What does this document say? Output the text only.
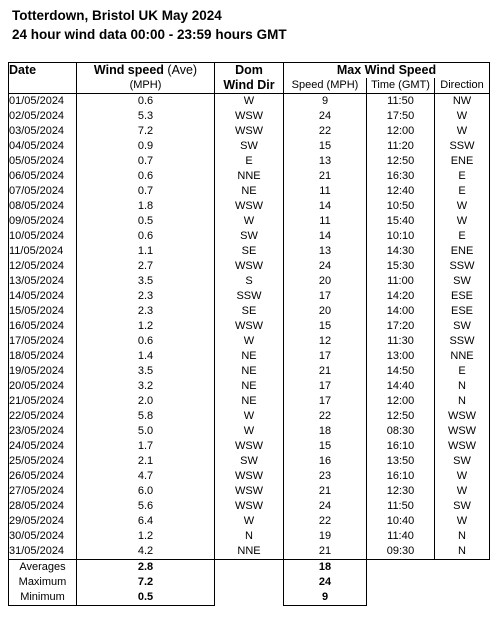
Totterdown, Bristol UK May 2024
24 hour wind data 00:00 - 23:59 hours GMT
Date	Wind speed (Ave)	Dom	Max Wind Speed		
	(MPH)	Wind Dir	Speed (MPH)	Time (GMT)	Direction
01/05/2024	0.6	W	9	11:50	NW
02/05/2024	5.3	WSW	24	17:50	W
03/05/2024	7.2	WSW	22	12:00	W
04/05/2024	0.9	SW	15	11:20	SSW
05/05/2024	0.7	E	13	12:50	ENE
06/05/2024	0.6	NNE	21	16:30	E
07/05/2024	0.7	NE	11	12:40	E
08/05/2024	1.8	WSW	14	10:50	W
09/05/2024	0.5	W	11	15:40	W
10/05/2024	0.6	SW	14	10:10	E
11/05/2024	1.1	SE	13	14:30	ENE
12/05/2024	2.7	WSW	24	15:30	SSW
13/05/2024	3.5	S	20	11:00	SW
14/05/2024	2.3	SSW	17	14:20	ESE
15/05/2024	2.3	SE	20	14:00	ESE
16/05/2024	1.2	WSW	15	17:20	SW
17/05/2024	0.6	W	12	11:30	SSW
18/05/2024	1.4	NE	17	13:00	NNE
19/05/2024	3.5	NE	21	14:50	E
20/05/2024	3.2	NE	17	14:40	N
21/05/2024	2.0	NE	17	12:00	N
22/05/2024	5.8	W	22	12:50	WSW
23/05/2024	5.0	W	18	08:30	WSW
24/05/2024	1.7	WSW	15	16:10	WSW
25/05/2024	2.1	SW	16	13:50	SW
26/05/2024	4.7	WSW	23	16:10	W
27/05/2024	6.0	WSW	21	12:30	W
28/05/2024	5.6	WSW	24	11:50	SW
29/05/2024	6.4	W	22	10:40	W
30/05/2024	1.2	N	19	11:40	N
31/05/2024	4.2	NNE	21	09:30	N
Averages	2.8		18		
Maximum	7.2		24		
Minimum	0.5		9		
